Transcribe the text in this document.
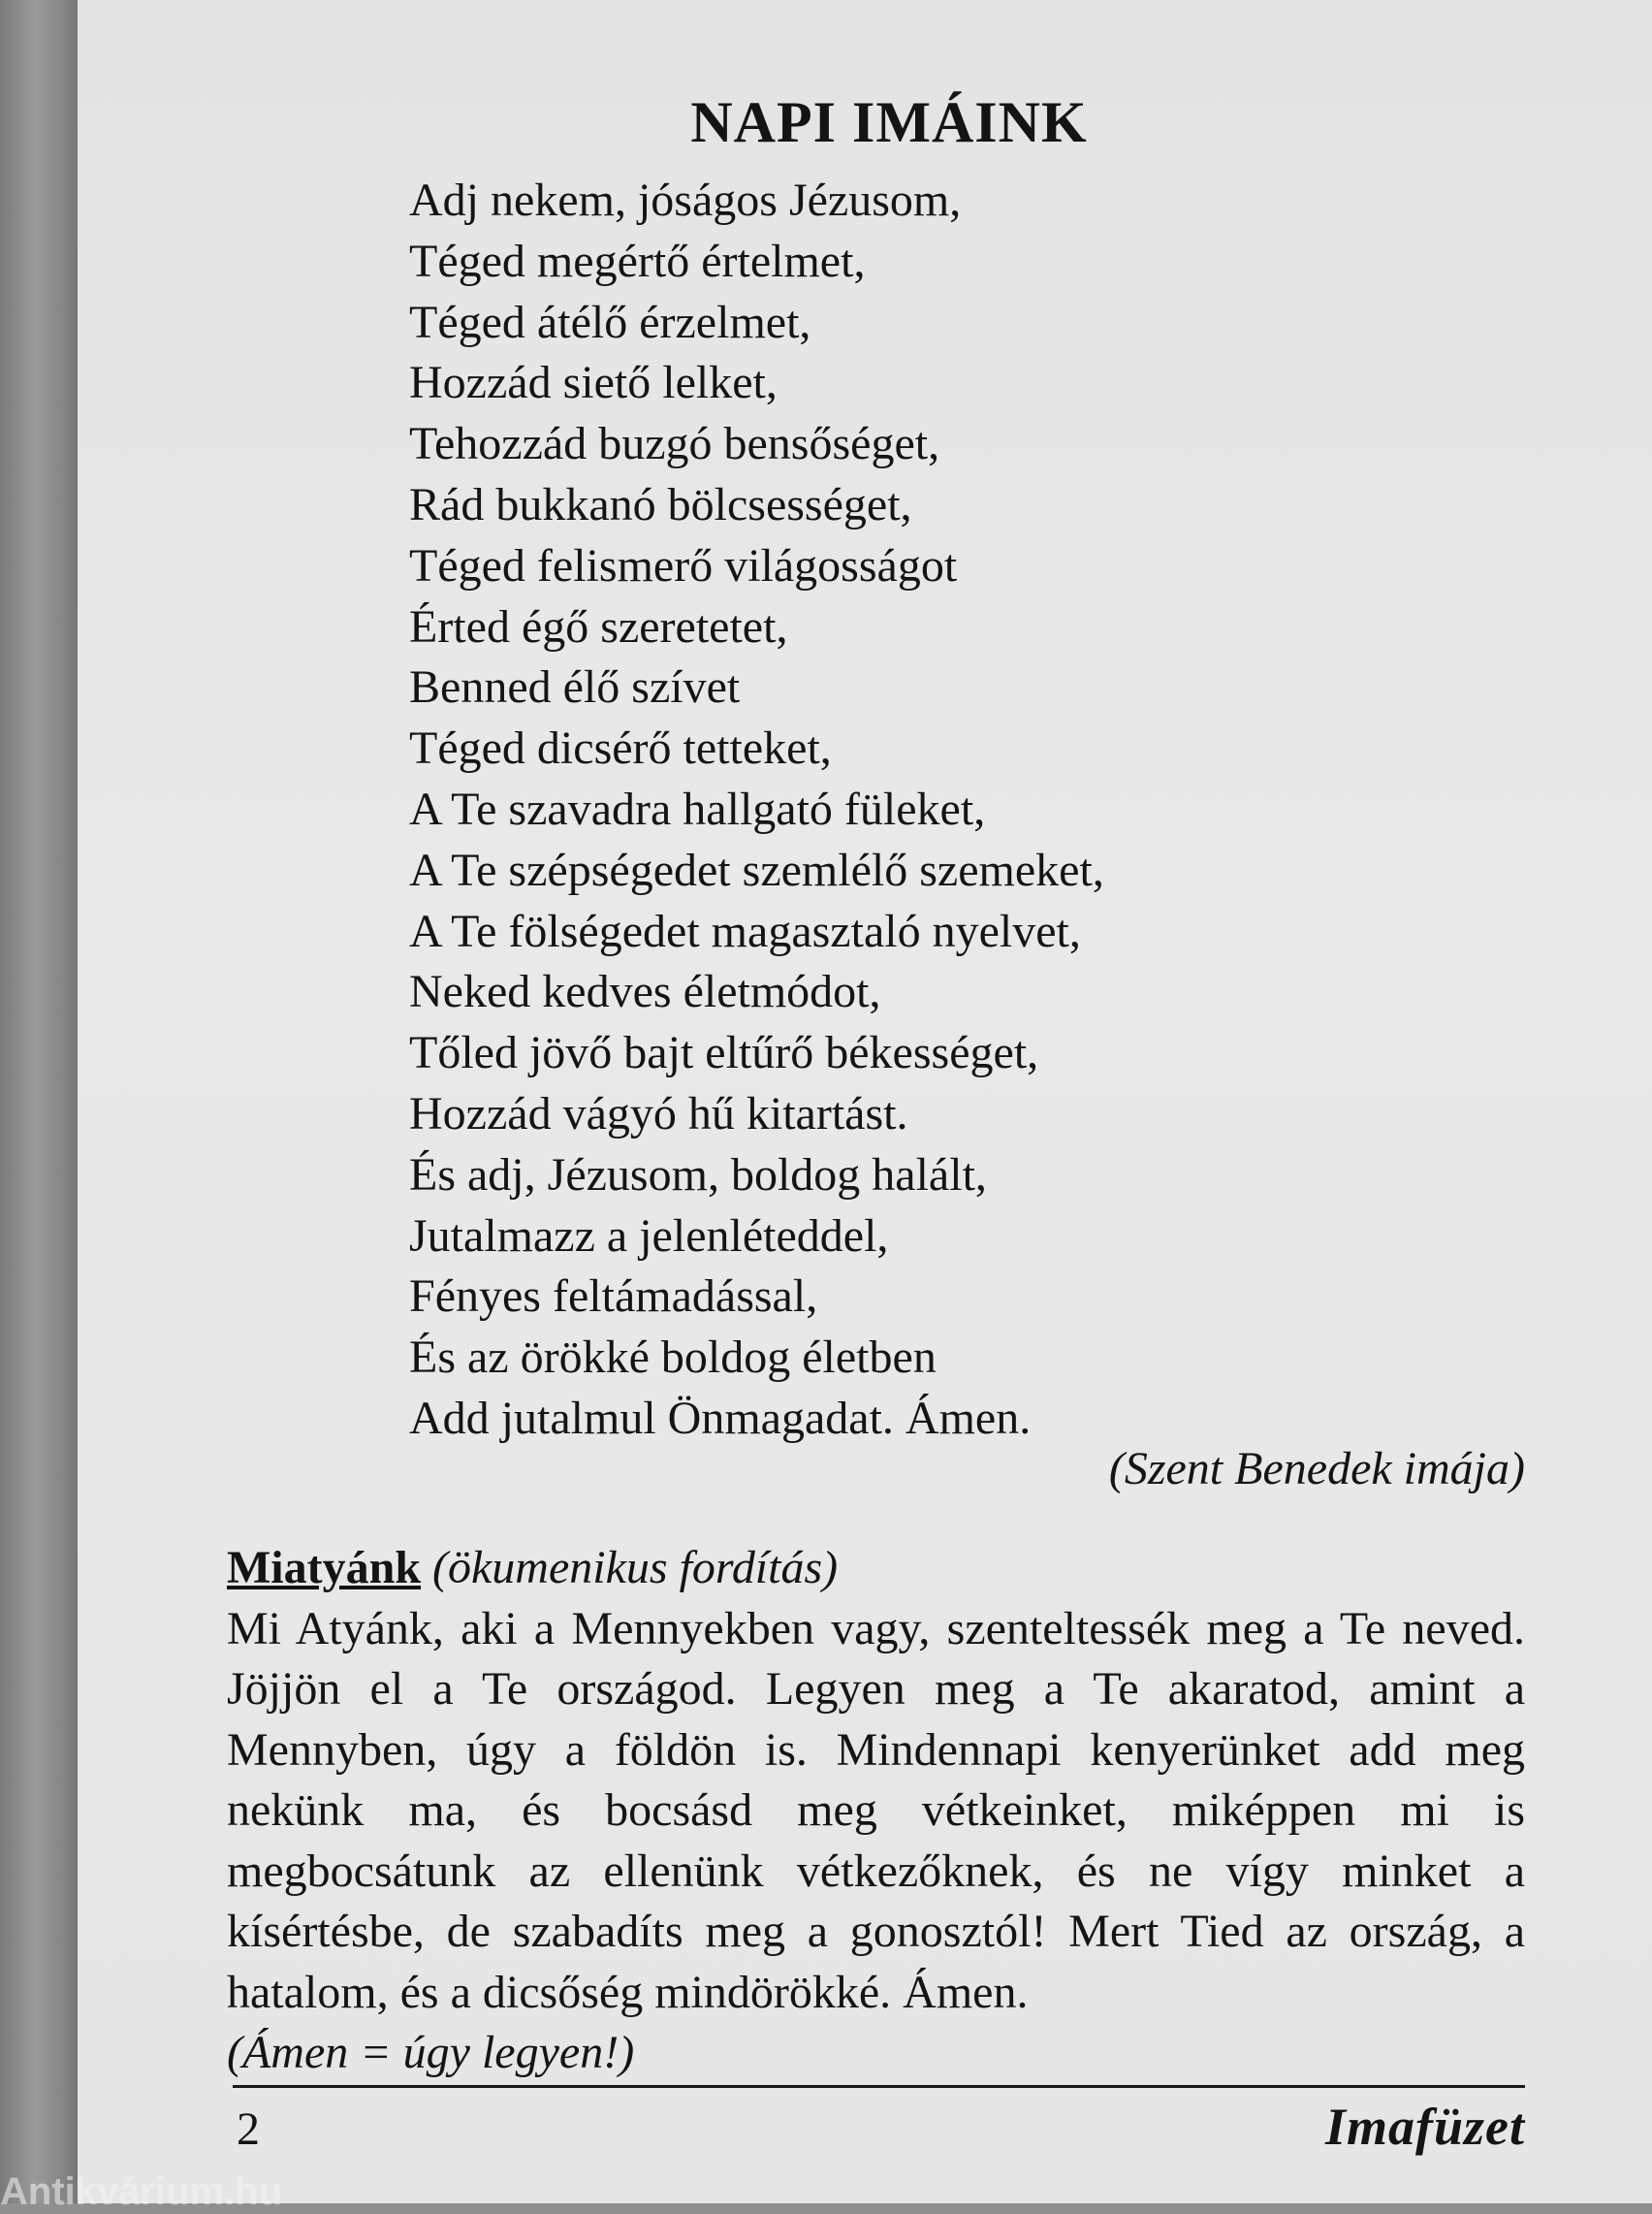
NAPI IMÁINK
Adj nekem, jóságos Jézusom,
Téged megértő értelmet,
Téged átélő érzelmet,
Hozzád siető lelket,
Tehozzád buzgó bensőséget,
Rád bukkanó bölcsességet,
Téged felismerő világosságot
Érted égő szeretetet,
Benned élő szívet
Téged dicsérő tetteket,
A Te szavadra hallgató füleket,
A Te szépségedet szemlélő szemeket,
A Te fölségedet magasztaló nyelvet,
Neked kedves életmódot,
Tőled jövő bajt eltűrő békességet,
Hozzád vágyó hű kitartást.
És adj, Jézusom, boldog halált,
Jutalmazz a jelenléteddel,
Fényes feltámadással,
És az örökké boldog életben
Add jutalmul Önmagadat. Ámen.
(Szent Benedek imája)
Miatyánk (ökumenikus fordítás)
Mi Atyánk, aki a Mennyekben vagy, szenteltessék meg a Te neved. Jöjjön el a Te országod. Legyen meg a Te akaratod, amint a Mennyben, úgy a földön is. Mindennapi kenyerünket add meg nekünk ma, és bocsásd meg vétkeinket, miképpen mi is megbocsátunk az ellenünk vétkezőknek, és ne vígy minket a kísértésbe, de szabadíts meg a gonosztól! Mert Tied az ország, a hatalom, és a dicsőség mindörökké. Ámen.
(Ámen = úgy legyen!)
2	Imafüzet
Antikvárium.hu
